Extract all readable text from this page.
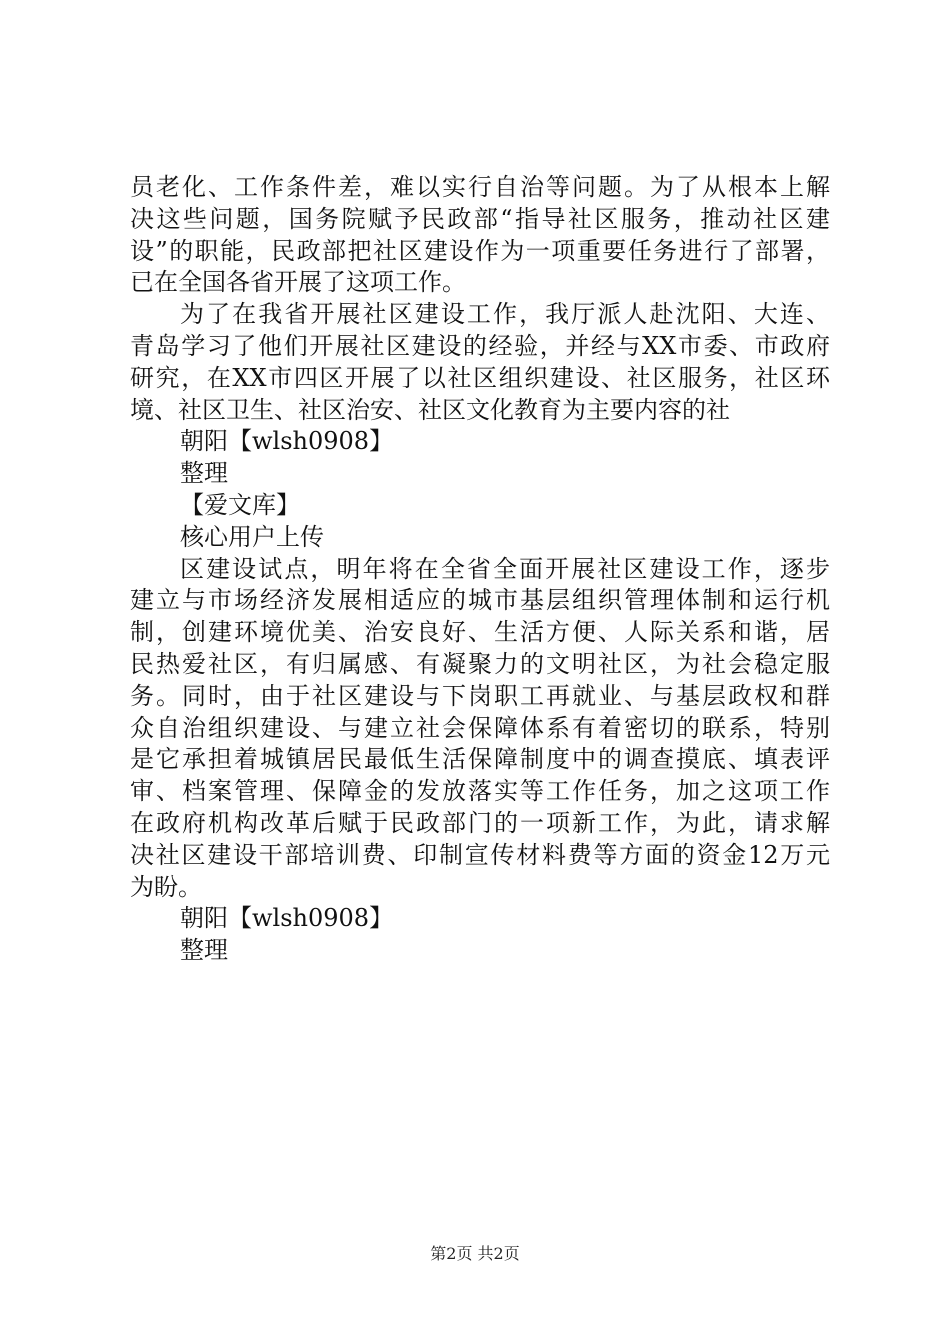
员老化、工作条件差，难以实行自治等问题。为了从根本上解
决这些问题，国务院赋予民政部“指导社区服务，推动社区建
设”的职能，民政部把社区建设作为一项重要任务进行了部署，
已在全国各省开展了这项工作。
为了在我省开展社区建设工作，我厅派人赴沈阳、大连、
青岛学习了他们开展社区建设的经验，并经与XX市委、市政府
研究，在XX市四区开展了以社区组织建设、社区服务，社区环
境、社区卫生、社区治安、社区文化教育为主要内容的社
朝阳【wlsh0908】
整理
【爱文库】
核心用户上传
区建设试点，明年将在全省全面开展社区建设工作，逐步
建立与市场经济发展相适应的城市基层组织管理体制和运行机
制，创建环境优美、治安良好、生活方便、人际关系和谐，居
民热爱社区，有归属感、有凝聚力的文明社区，为社会稳定服
务。同时，由于社区建设与下岗职工再就业、与基层政权和群
众自治组织建设、与建立社会保障体系有着密切的联系，特别
是它承担着城镇居民最低生活保障制度中的调查摸底、填表评
审、档案管理、保障金的发放落实等工作任务，加之这项工作
在政府机构改革后赋于民政部门的一项新工作，为此，请求解
决社区建设干部培训费、印制宣传材料费等方面的资金12万元
为盼。
朝阳【wlsh0908】
整理
第2页 共2页
